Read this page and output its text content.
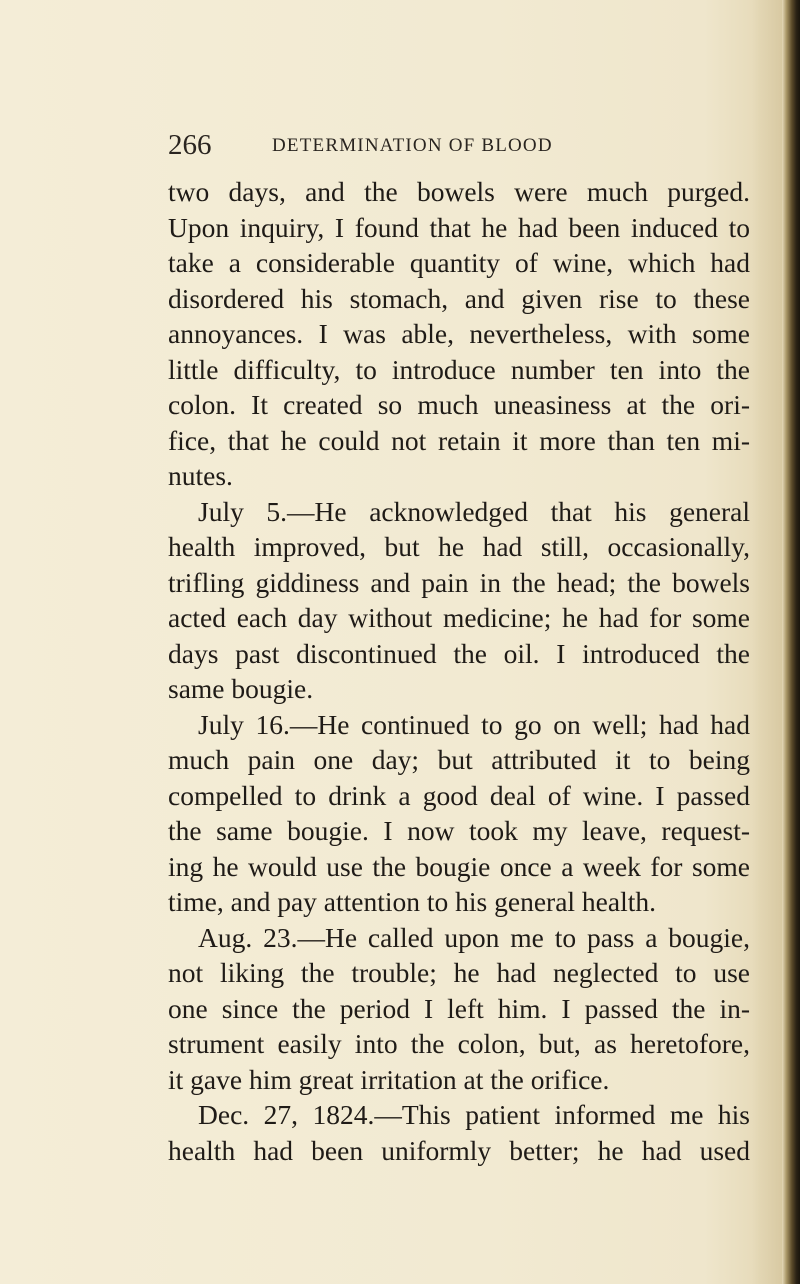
266	DETERMINATION OF BLOOD
two days, and the bowels were much purged.
Upon inquiry, I found that he had been induced to
take a considerable quantity of wine, which had
disordered his stomach, and given rise to these
annoyances. I was able, nevertheless, with some
little difficulty, to introduce number ten into the
colon. It created so much uneasiness at the ori-
fice, that he could not retain it more than ten mi-
nutes.
July 5.—He acknowledged that his general
health improved, but he had still, occasionally,
trifling giddiness and pain in the head; the bowels
acted each day without medicine; he had for some
days past discontinued the oil. I introduced the
same bougie.
July 16.—He continued to go on well; had had
much pain one day; but attributed it to being
compelled to drink a good deal of wine. I passed
the same bougie. I now took my leave, request-
ing he would use the bougie once a week for some
time, and pay attention to his general health.
Aug. 23.—He called upon me to pass a bougie,
not liking the trouble; he had neglected to use
one since the period I left him. I passed the in-
strument easily into the colon, but, as heretofore,
it gave him great irritation at the orifice.
Dec. 27, 1824.—This patient informed me his
health had been uniformly better; he had used
